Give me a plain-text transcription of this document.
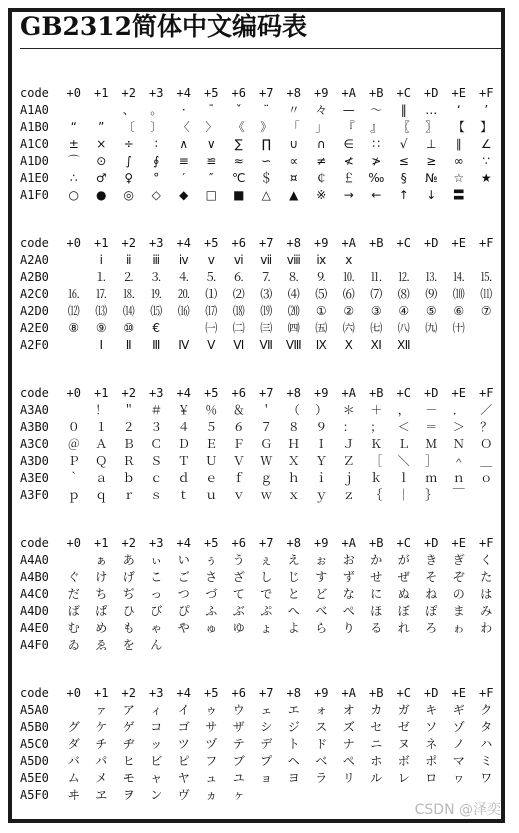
GB2312简体中文编码表
code	+0	+1	+2	+3	+4	+5	+6	+7	+8	+9	+A	+B	+C	+D	+E	+F
A1A0		　	、	。	·	ˉ	ˇ	¨	〃	々	—	～	‖	…	‘	’
A1B0	“	”	〔	〕	〈	〉	《	》	「	」	『	』	〖	〗	【	】
A1C0	±	×	÷	∶	∧	∨	∑	∏	∪	∩	∈	∷	√	⊥	∥	∠
A1D0	⌒	⊙	∫	∮	≡	≌	≈	∽	∝	≠	≮	≯	≤	≥	∞	∵
A1E0	∴	♂	♀	°	′	″	℃	＄	¤	￠	￡	‰	§	№	☆	★
A1F0	○	●	◎	◇	◆	□	■	△	▲	※	→	←	↑	↓	〓	
code	+0	+1	+2	+3	+4	+5	+6	+7	+8	+9	+A	+B	+C	+D	+E	+F
A2A0		ⅰ	ⅱ	ⅲ	ⅳ	ⅴ	ⅵ	ⅶ	ⅷ	ⅸ	ⅹ					
A2B0		⒈	⒉	⒊	⒋	⒌	⒍	⒎	⒏	⒐	⒑	⒒	⒓	⒔	⒕	⒖
A2C0	⒗	⒘	⒙	⒚	⒛	⑴	⑵	⑶	⑷	⑸	⑹	⑺	⑻	⑼	⑽	⑾
A2D0	⑿	⒀	⒁	⒂	⒃	⒄	⒅	⒆	⒇	①	②	③	④	⑤	⑥	⑦
A2E0	⑧	⑨	⑩	€		㈠	㈡	㈢	㈣	㈤	㈥	㈦	㈧	㈨	㈩	
A2F0		Ⅰ	Ⅱ	Ⅲ	Ⅳ	Ⅴ	Ⅵ	Ⅶ	Ⅷ	Ⅸ	Ⅹ	Ⅺ	Ⅻ			
code	+0	+1	+2	+3	+4	+5	+6	+7	+8	+9	+A	+B	+C	+D	+E	+F
A3A0		！	＂	＃	￥	％	＆	＇	（	）	＊	＋	，	－	．	／
A3B0	０	１	２	３	４	５	６	７	８	９	：	；	＜	＝	＞	？
A3C0	＠	Ａ	Ｂ	Ｃ	Ｄ	Ｅ	Ｆ	Ｇ	Ｈ	Ｉ	Ｊ	Ｋ	Ｌ	Ｍ	Ｎ	Ｏ
A3D0	Ｐ	Ｑ	Ｒ	Ｓ	Ｔ	Ｕ	Ｖ	Ｗ	Ｘ	Ｙ	Ｚ	［	＼	］	＾	＿
A3E0	｀	ａ	ｂ	ｃ	ｄ	ｅ	ｆ	ｇ	ｈ	ｉ	ｊ	ｋ	ｌ	ｍ	ｎ	ｏ
A3F0	ｐ	ｑ	ｒ	ｓ	ｔ	ｕ	ｖ	ｗ	ｘ	ｙ	ｚ	｛	｜	｝	￣	
code	+0	+1	+2	+3	+4	+5	+6	+7	+8	+9	+A	+B	+C	+D	+E	+F
A4A0		ぁ	あ	ぃ	い	ぅ	う	ぇ	え	ぉ	お	か	が	き	ぎ	く
A4B0	ぐ	け	げ	こ	ご	さ	ざ	し	じ	す	ず	せ	ぜ	そ	ぞ	た
A4C0	だ	ち	ぢ	っ	つ	づ	て	で	と	ど	な	に	ぬ	ね	の	は
A4D0	ば	ぱ	ひ	び	ぴ	ふ	ぶ	ぷ	へ	べ	ぺ	ほ	ぼ	ぽ	ま	み
A4E0	む	め	も	ゃ	や	ゅ	ゆ	ょ	よ	ら	り	る	れ	ろ	ゎ	わ
A4F0	ゐ	ゑ	を	ん												
code	+0	+1	+2	+3	+4	+5	+6	+7	+8	+9	+A	+B	+C	+D	+E	+F
A5A0		ァ	ア	ィ	イ	ゥ	ウ	ェ	エ	ォ	オ	カ	ガ	キ	ギ	ク
A5B0	グ	ケ	ゲ	コ	ゴ	サ	ザ	シ	ジ	ス	ズ	セ	ゼ	ソ	ゾ	タ
A5C0	ダ	チ	ヂ	ッ	ツ	ヅ	テ	デ	ト	ド	ナ	ニ	ヌ	ネ	ノ	ハ
A5D0	バ	パ	ヒ	ビ	ピ	フ	ブ	プ	ヘ	ベ	ペ	ホ	ボ	ポ	マ	ミ
A5E0	ム	メ	モ	ャ	ヤ	ュ	ユ	ョ	ヨ	ラ	リ	ル	レ	ロ	ヮ	ワ
A5F0	ヰ	ヱ	ヲ	ン	ヴ	ヵ	ヶ									
CSDN @泽奕
